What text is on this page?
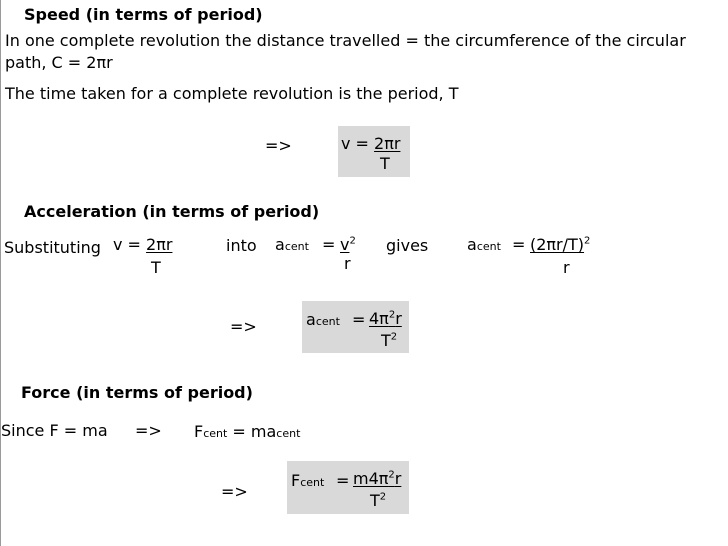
Speed (in terms of period)
In one complete revolution the distance travelled = the circumference of the circular
path, C = 2πr
The time taken for a complete revolution is the period, T
=>	v = 2πr
T
Acceleration (in terms of period)
Substituting v = 2πr
T
into acent = $v^2$
r
gives acent = $(2\pi r/T)^2$
r
=>	acent = $4\pi^2r$
$T^2$
Force (in terms of period)
Since F = ma => Fcent = macent
=>
Fcent = $m4\pi^2r$
$T^2$
